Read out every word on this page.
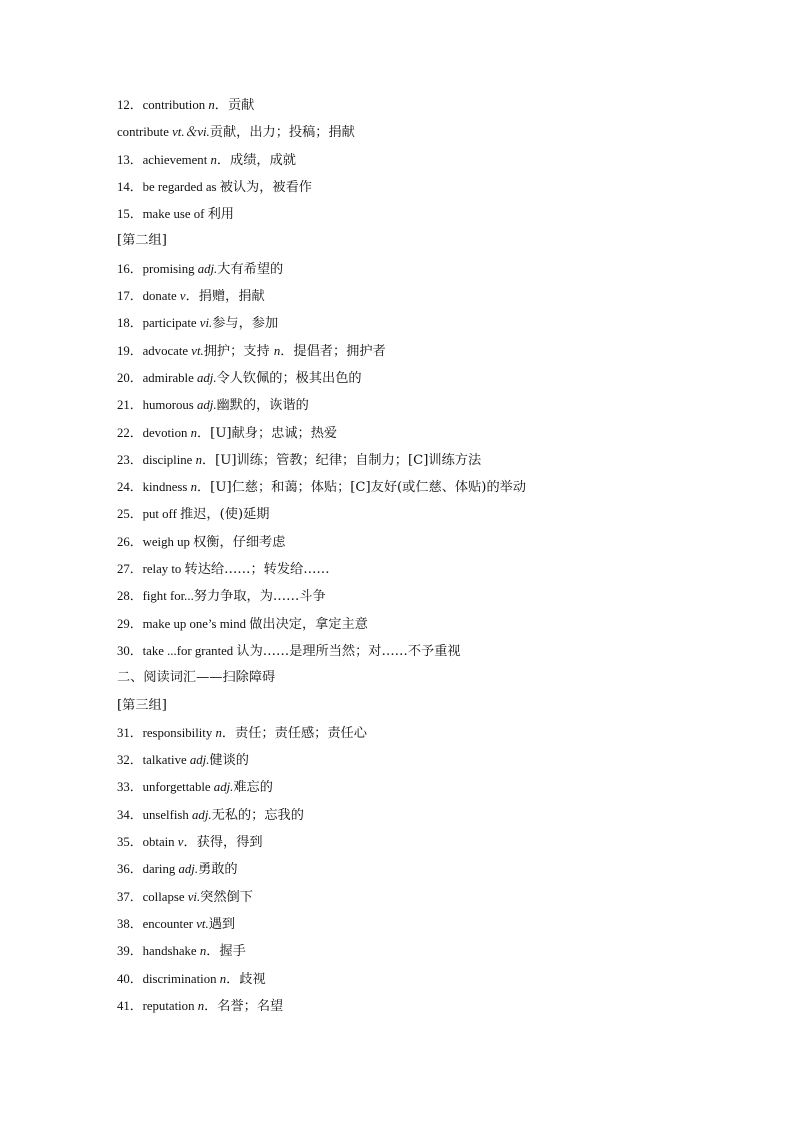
12．contribution n．贡献
contribute vt.＆vi.贡献，出力；投稿；捐献
13．achievement n．成绩，成就
14．be regarded as 被认为，被看作
15．make use of 利用
[第二组]
16．promising adj.大有希望的
17．donate v．捐赠，捐献
18．participate vi.参与，参加
19．advocate vt.拥护；支持 n．提倡者；拥护者
20．admirable adj.令人钦佩的；极其出色的
21．humorous adj.幽默的，诙谐的
22．devotion n．[U]献身；忠诚；热爱
23．discipline n．[U]训练；管教；纪律；自制力；[C]训练方法
24．kindness n．[U]仁慈；和蔼；体贴；[C]友好(或仁慈、体贴)的举动
25．put off 推迟，(使)延期
26．weigh up 权衡，仔细考虑
27．relay to 转达给……；转发给……
28．fight for...努力争取，为……斗争
29．make up one’s mind 做出决定，拿定主意
30．take ...for granted 认为……是理所当然；对……不予重视
二、阅读词汇——扫除障碍
[第三组]
31．responsibility n．责任；责任感；责任心
32．talkative adj.健谈的
33．unforgettable adj.难忘的
34．unselfish adj.无私的；忘我的
35．obtain v．获得，得到
36．daring adj.勇敢的
37．collapse vi.突然倒下
38．encounter vt.遇到
39．handshake n．握手
40．discrimination n．歧视
41．reputation n．名誉；名望
